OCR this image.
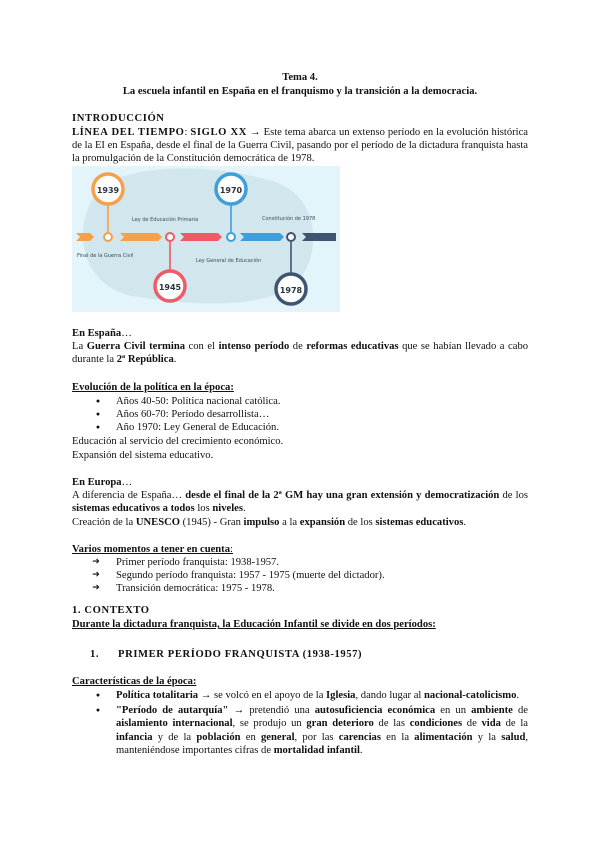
Tema 4.
La escuela infantil en España en el franquismo y la transición a la democracia.
INTRODUCCIÓN
LÍNEA DEL TIEMPO: SIGLO XX → Este tema abarca un extenso período en la evolución histórica de la EI en España, desde el final de la Guerra Civil, pasando por el período de la dictadura franquista hasta la promulgación de la Constitución democrática de 1978.
En España…
La Guerra Civil termina con el intenso período de reformas educativas que se habían llevado a cabo durante la 2ª República.
Evolución de la política en la época:
●	Años 40-50: Política nacional católica.
●	Años 60-70: Período desarrollista…
●	Año 1970: Ley General de Educación.
Educación al servicio del crecimiento económico.
Expansión del sistema educativo.
En Europa…
A diferencia de España… desde el final de la 2ª GM hay una gran extensión y democratización de los sistemas educativos a todos los niveles.
Creación de la UNESCO (1945) - Gran impulso a la expansión de los sistemas educativos.
Varios momentos a tener en cuenta:
➔ Primer período franquista: 1938-1957.
➔ Segundo período franquista: 1957 - 1975 (muerte del dictador).
➔ Transición democrática: 1975 - 1978.
1. CONTEXTO
Durante la dictadura franquista, la Educación Infantil se divide en dos períodos:
1. PRIMER PERÍODO FRANQUISTA (1938-1957)
Características de la época:
●	Política totalitaria → se volcó en el apoyo de la Iglesia, dando lugar al nacional-catolicismo.
●	"Período de autarquía" → pretendió una autosuficiencia económica en un ambiente de aislamiento internacional, se produjo un gran deterioro de las condiciones de vida de la infancia y de la población en general, por las carencias en la alimentación y la salud, manteniéndose importantes cifras de mortalidad infantil.
1939
1945
1970
1978
Final de la Guerra Civil
Ley de Educación Primaria
Ley General de Educación
Constitución de 1978
